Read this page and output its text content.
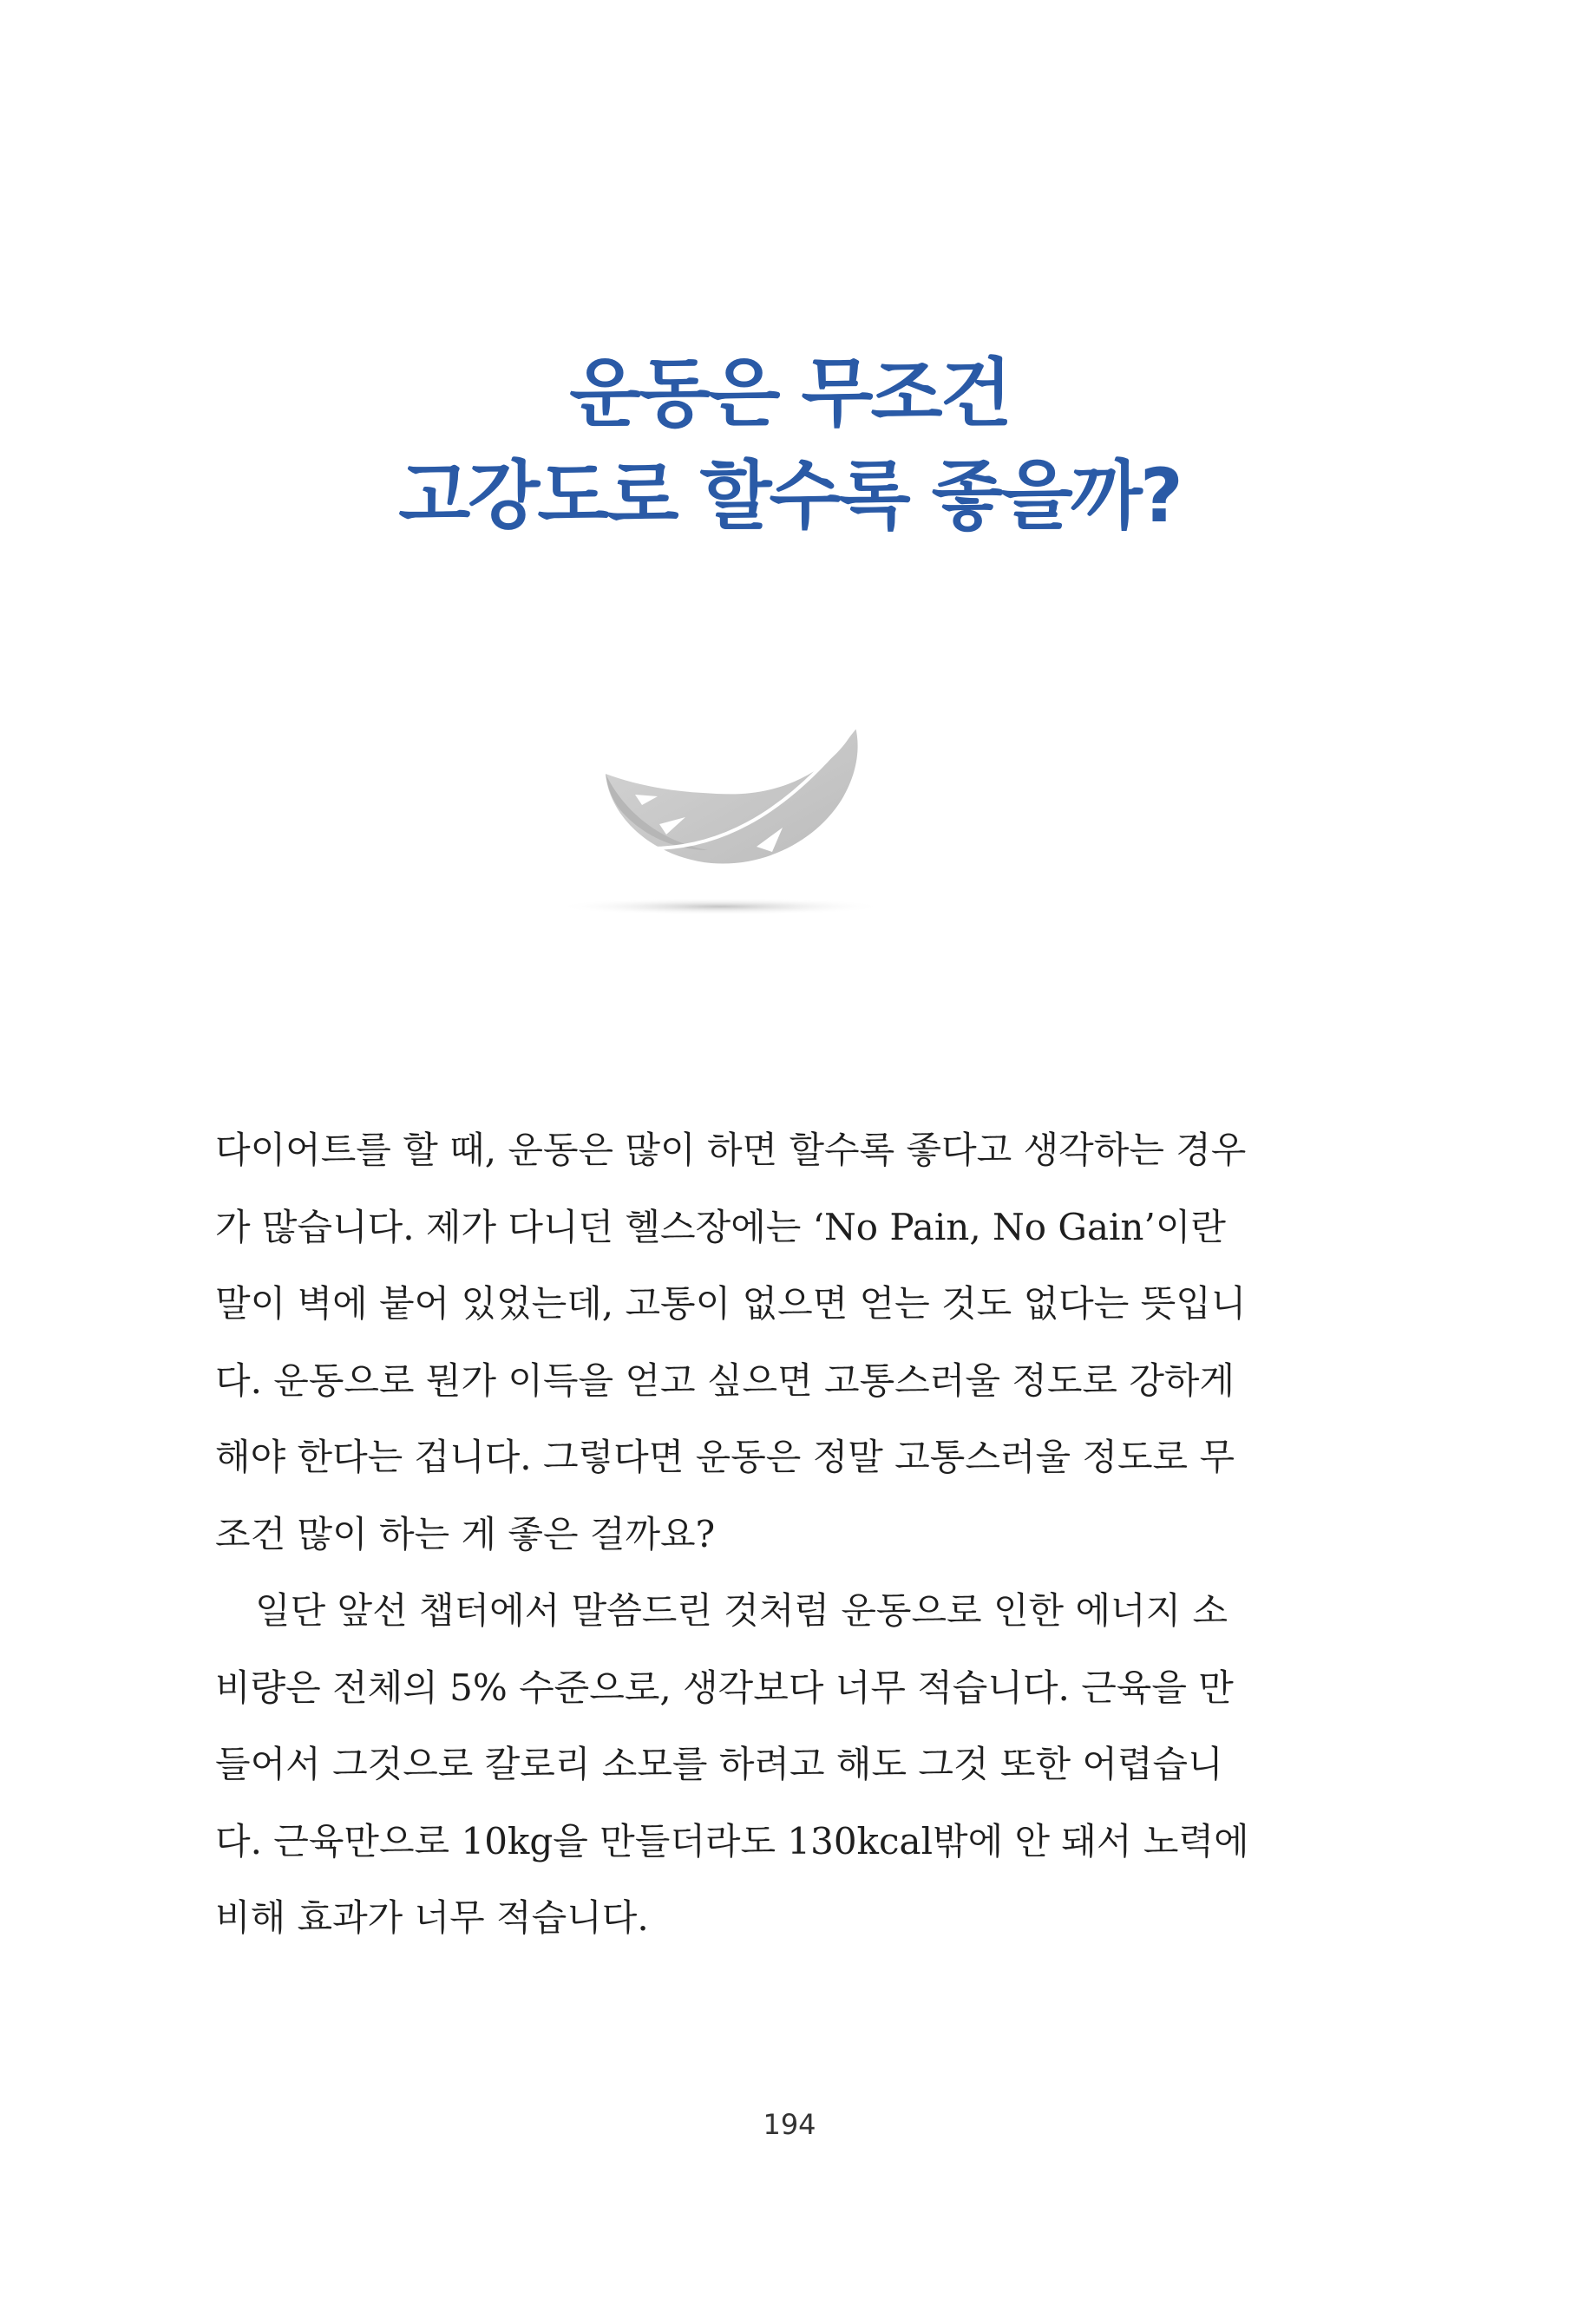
운동은 무조건
고강도로 할수록 좋을까?

다이어트를 할 때, 운동은 많이 하면 할수록 좋다고 생각하는 경우가 많습니다. 제가 다니던 헬스장에는 ‘No Pain, No Gain’이란 말이 벽에 붙어 있었는데, 고통이 없으면 얻는 것도 없다는 뜻입니다. 운동으로 뭔가 이득을 얻고 싶으면 고통스러울 정도로 강하게 해야 한다는 겁니다. 그렇다면 운동은 정말 고통스러울 정도로 무조건 많이 하는 게 좋은 걸까요?

일단 앞선 챕터에서 말씀드린 것처럼 운동으로 인한 에너지 소비량은 전체의 5% 수준으로, 생각보다 너무 적습니다. 근육을 만들어서 그것으로 칼로리 소모를 하려고 해도 그것 또한 어렵습니다. 근육만으로 10kg을 만들더라도 130kcal밖에 안 돼서 노력에 비해 효과가 너무 적습니다.

194
